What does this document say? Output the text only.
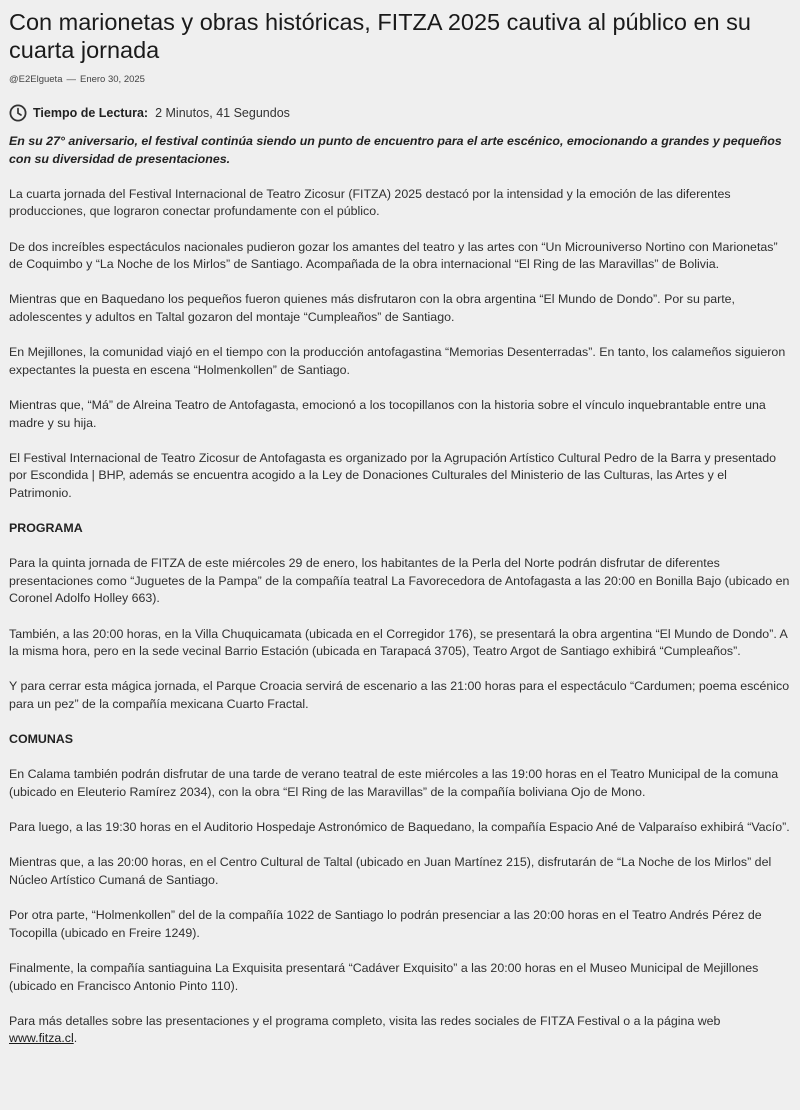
Con marionetas y obras históricas, FITZA 2025 cautiva al público en su cuarta jornada
@E2Elgueta — Enero 30, 2025
Tiempo de Lectura: 2 Minutos, 41 Segundos

En su 27° aniversario, el festival continúa siendo un punto de encuentro para el arte escénico, emocionando a grandes y pequeños con su diversidad de presentaciones.

La cuarta jornada del Festival Internacional de Teatro Zicosur (FITZA) 2025 destacó por la intensidad y la emoción de las diferentes producciones, que lograron conectar profundamente con el público.

De dos increíbles espectáculos nacionales pudieron gozar los amantes del teatro y las artes con “Un Microuniverso Nortino con Marionetas” de Coquimbo y “La Noche de los Mirlos” de Santiago. Acompañada de la obra internacional “El Ring de las Maravillas” de Bolivia.

Mientras que en Baquedano los pequeños fueron quienes más disfrutaron con la obra argentina “El Mundo de Dondo”. Por su parte, adolescentes y adultos en Taltal gozaron del montaje “Cumpleaños” de Santiago.

En Mejillones, la comunidad viajó en el tiempo con la producción antofagastina “Memorias Desenterradas”. En tanto, los calameños siguieron expectantes la puesta en escena “Holmenkollen” de Santiago.

Mientras que, “Má” de Alreina Teatro de Antofagasta, emocionó a los tocopillanos con la historia sobre el vínculo inquebrantable entre una madre y su hija.

El Festival Internacional de Teatro Zicosur de Antofagasta es organizado por la Agrupación Artístico Cultural Pedro de la Barra y presentado por Escondida | BHP, además se encuentra acogido a la Ley de Donaciones Culturales del Ministerio de las Culturas, las Artes y el Patrimonio.

PROGRAMA

Para la quinta jornada de FITZA de este miércoles 29 de enero, los habitantes de la Perla del Norte podrán disfrutar de diferentes presentaciones como “Juguetes de la Pampa” de la compañía teatral La Favorecedora de Antofagasta a las 20:00 en Bonilla Bajo (ubicado en Coronel Adolfo Holley 663).

También, a las 20:00 horas, en la Villa Chuquicamata (ubicada en el Corregidor 176), se presentará la obra argentina “El Mundo de Dondo”. A la misma hora, pero en la sede vecinal Barrio Estación (ubicada en Tarapacá 3705), Teatro Argot de Santiago exhibirá “Cumpleaños”.

Y para cerrar esta mágica jornada, el Parque Croacia servirá de escenario a las 21:00 horas para el espectáculo “Cardumen; poema escénico para un pez” de la compañía mexicana Cuarto Fractal.

COMUNAS

En Calama también podrán disfrutar de una tarde de verano teatral de este miércoles a las 19:00 horas en el Teatro Municipal de la comuna (ubicado en Eleuterio Ramírez 2034), con la obra “El Ring de las Maravillas” de la compañía boliviana Ojo de Mono.

Para luego, a las 19:30 horas en el Auditorio Hospedaje Astronómico de Baquedano, la compañía Espacio Ané de Valparaíso exhibirá “Vacío”.

Mientras que, a las 20:00 horas, en el Centro Cultural de Taltal (ubicado en Juan Martínez 215), disfrutarán de “La Noche de los Mirlos” del Núcleo Artístico Cumaná de Santiago.

Por otra parte, “Holmenkollen” del de la compañía 1022 de Santiago lo podrán presenciar a las 20:00 horas en el Teatro Andrés Pérez de Tocopilla (ubicado en Freire 1249).

Finalmente, la compañía santiaguina La Exquisita presentará “Cadáver Exquisito” a las 20:00 horas en el Museo Municipal de Mejillones (ubicado en Francisco Antonio Pinto 110).

Para más detalles sobre las presentaciones y el programa completo, visita las redes sociales de FITZA Festival o a la página web www.fitza.cl.
